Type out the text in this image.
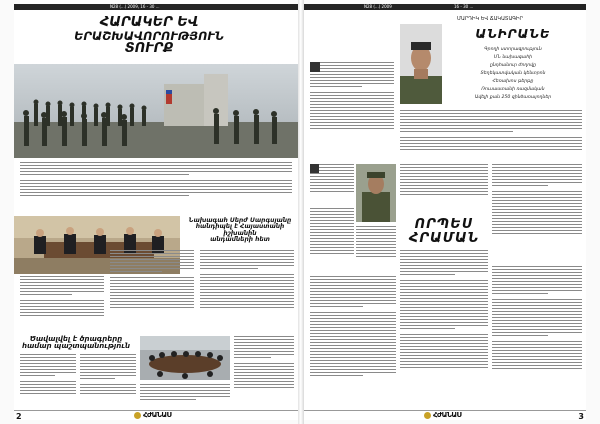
N28 (...) 2009, 16 - 30 ...
ՀԱՐԱԿԵՐ ԵՎ
ԵՐԱՇԽԱՎՈՐՈՒԹՅՈՒՆ
ՏՈՒՐՔ
Նախագահ Սերժ Սարգսյանը
հանդիպել է Հայաստանի իշխանին
անդամների հետ
Ծավալվել է ծրագրերը
համար պաշտպանություն
2	ՀԺԱՆԱՍ
N28 (...) 2009	16 - 30 ...
ՄԱՐԴԻԿ ԵՎ ՃԱԿԱՏԱԳԻՐ
ԱՆԻՐԱՆԵ
Գրողի ստորագրություն
ՄՆ նախագահի
ընդհանուր ժողովը
Տեղեկատվական կենտրոն
Հեռախոս թերթը
Ռուսաստանի ռազմական
Ավելի քան 250 զինծառայողներ
ՈՐՊԵՍ
ՀՐԱՄԱՆ
ՀԺԱՆԱՍ	3
